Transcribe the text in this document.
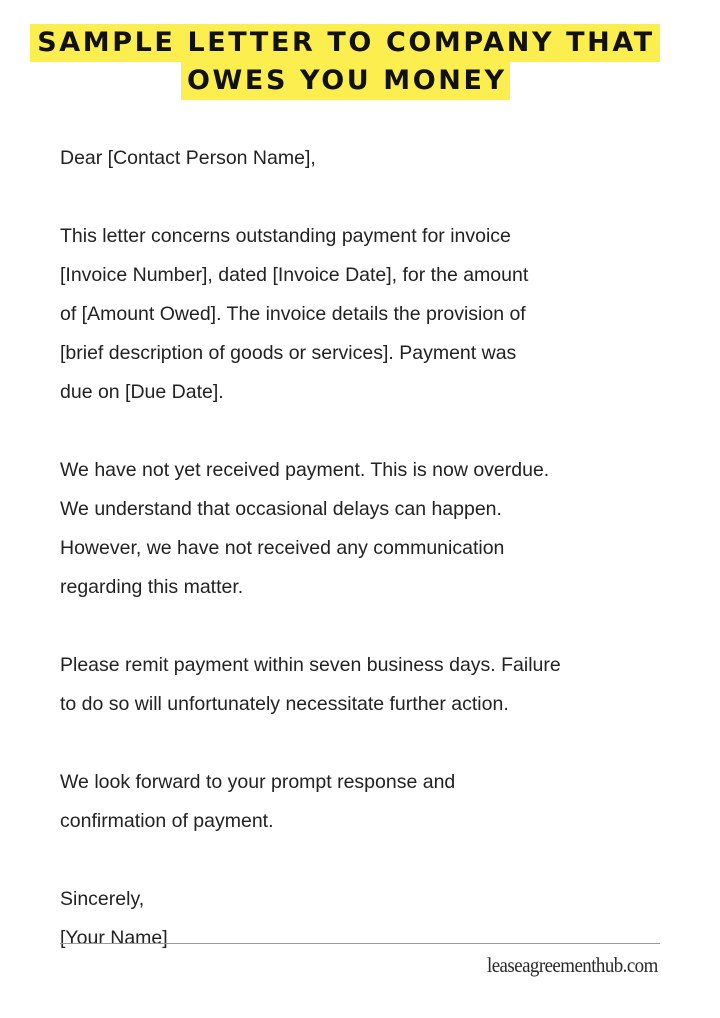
SAMPLE LETTER TO COMPANY THAT
OWES YOU MONEY

Dear [Contact Person Name],

This letter concerns outstanding payment for invoice
[Invoice Number], dated [Invoice Date], for the amount
of [Amount Owed]. The invoice details the provision of
[brief description of goods or services]. Payment was
due on [Due Date].

We have not yet received payment. This is now overdue.
We understand that occasional delays can happen.
However, we have not received any communication
regarding this matter.

Please remit payment within seven business days. Failure
to do so will unfortunately necessitate further action.

We look forward to your prompt response and
confirmation of payment.

Sincerely,
[Your Name]
leaseagreementhub.com
